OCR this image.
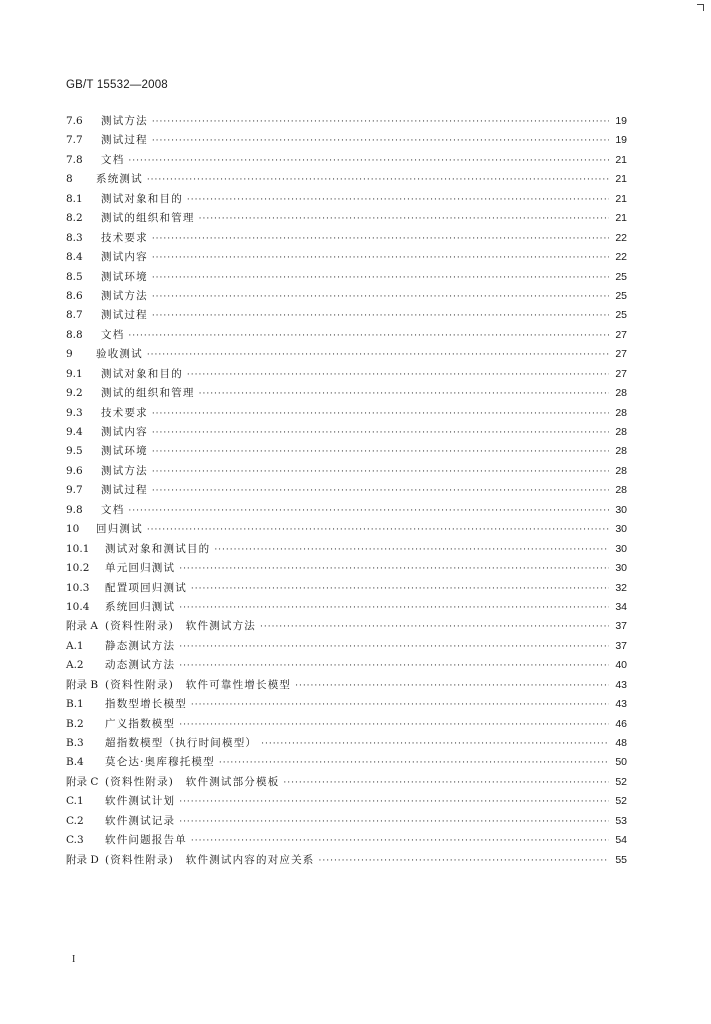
GB/T 15532—2008
7.6	测试方法 ·····	19
7.7	测试过程 ·····	19
7.8	文档 ·····	21
8	系统测试 ·····	21
8.1	测试对象和目的 ·····	21
8.2	测试的组织和管理 ·····	21
8.3	技术要求 ·····	22
8.4	测试内容 ·····	22
8.5	测试环境 ·····	25
8.6	测试方法 ·····	25
8.7	测试过程 ·····	25
8.8	文档 ·····	27
9	验收测试 ·····	27
9.1	测试对象和目的 ·····	27
9.2	测试的组织和管理 ·····	28
9.3	技术要求 ·····	28
9.4	测试内容 ·····	28
9.5	测试环境 ·····	28
9.6	测试方法 ·····	28
9.7	测试过程 ·····	28
9.8	文档 ·····	30
10	回归测试 ·····	30
10.1	测试对象和测试目的 ·····	30
10.2	单元回归测试 ·····	30
10.3	配置项回归测试 ·····	32
10.4	系统回归测试 ·····	34
附录 A (资料性附录)　软件测试方法 ·····	37
A.1	静态测试方法 ·····	37
A.2	动态测试方法 ·····	40
附录 B (资料性附录)　软件可靠性增长模型 ·····	43
B.1	指数型增长模型 ·····	43
B.2	广义指数模型 ·····	46
B.3	超指数模型（执行时间模型） ·····	48
B.4	莫仑达·奥库穆托模型 ·····	50
附录 C (资料性附录)　软件测试部分模板 ·····	52
C.1	软件测试计划 ·····	52
C.2	软件测试记录 ·····	53
C.3	软件问题报告单 ·····	54
附录 D (资料性附录)　软件测试内容的对应关系 ·····	55
I
